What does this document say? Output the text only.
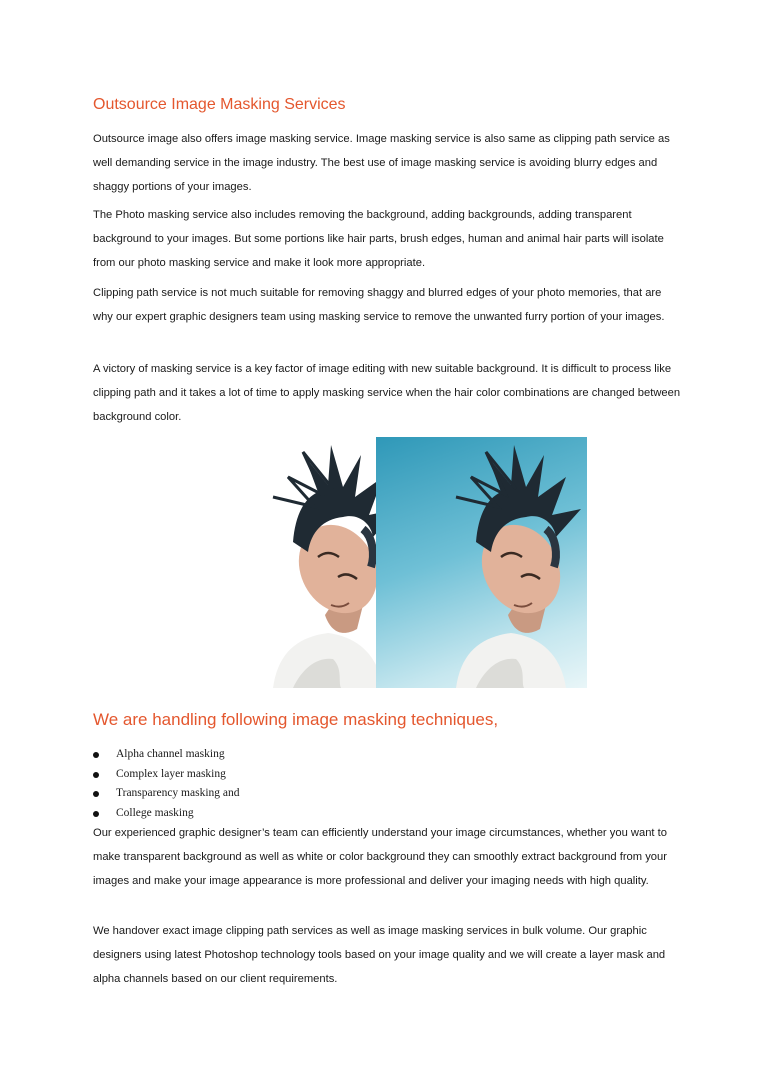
Outsource Image Masking Services

Outsource image also offers image masking service. Image masking service is also same as clipping path service as well demanding service in the image industry. The best use of image masking service is avoiding blurry edges and shaggy portions of your images.

The Photo masking service also includes removing the background, adding backgrounds, adding transparent background to your images. But some portions like hair parts, brush edges, human and animal hair parts will isolate from our photo masking service and make it look more appropriate.

Clipping path service is not much suitable for removing shaggy and blurred edges of your photo memories, that are why our expert graphic designers team using masking service to remove the unwanted furry portion of your images.

A victory of masking service is a key factor of image editing with new suitable background. It is difficult to process like clipping path and it takes a lot of time to apply masking service when the hair color combinations are changed between background color.

We are handling following image masking techniques,
Alpha channel masking
Complex layer masking
Transparency masking and
College masking

Our experienced graphic designer’s team can efficiently understand your image circumstances, whether you want to make transparent background as well as white or color background they can smoothly extract background from your images and make your image appearance is more professional and deliver your imaging needs with high quality.

We handover exact image clipping path services as well as image masking services in bulk volume. Our graphic designers using latest Photoshop technology tools based on your image quality and we will create a layer mask and alpha channels based on our client requirements.
